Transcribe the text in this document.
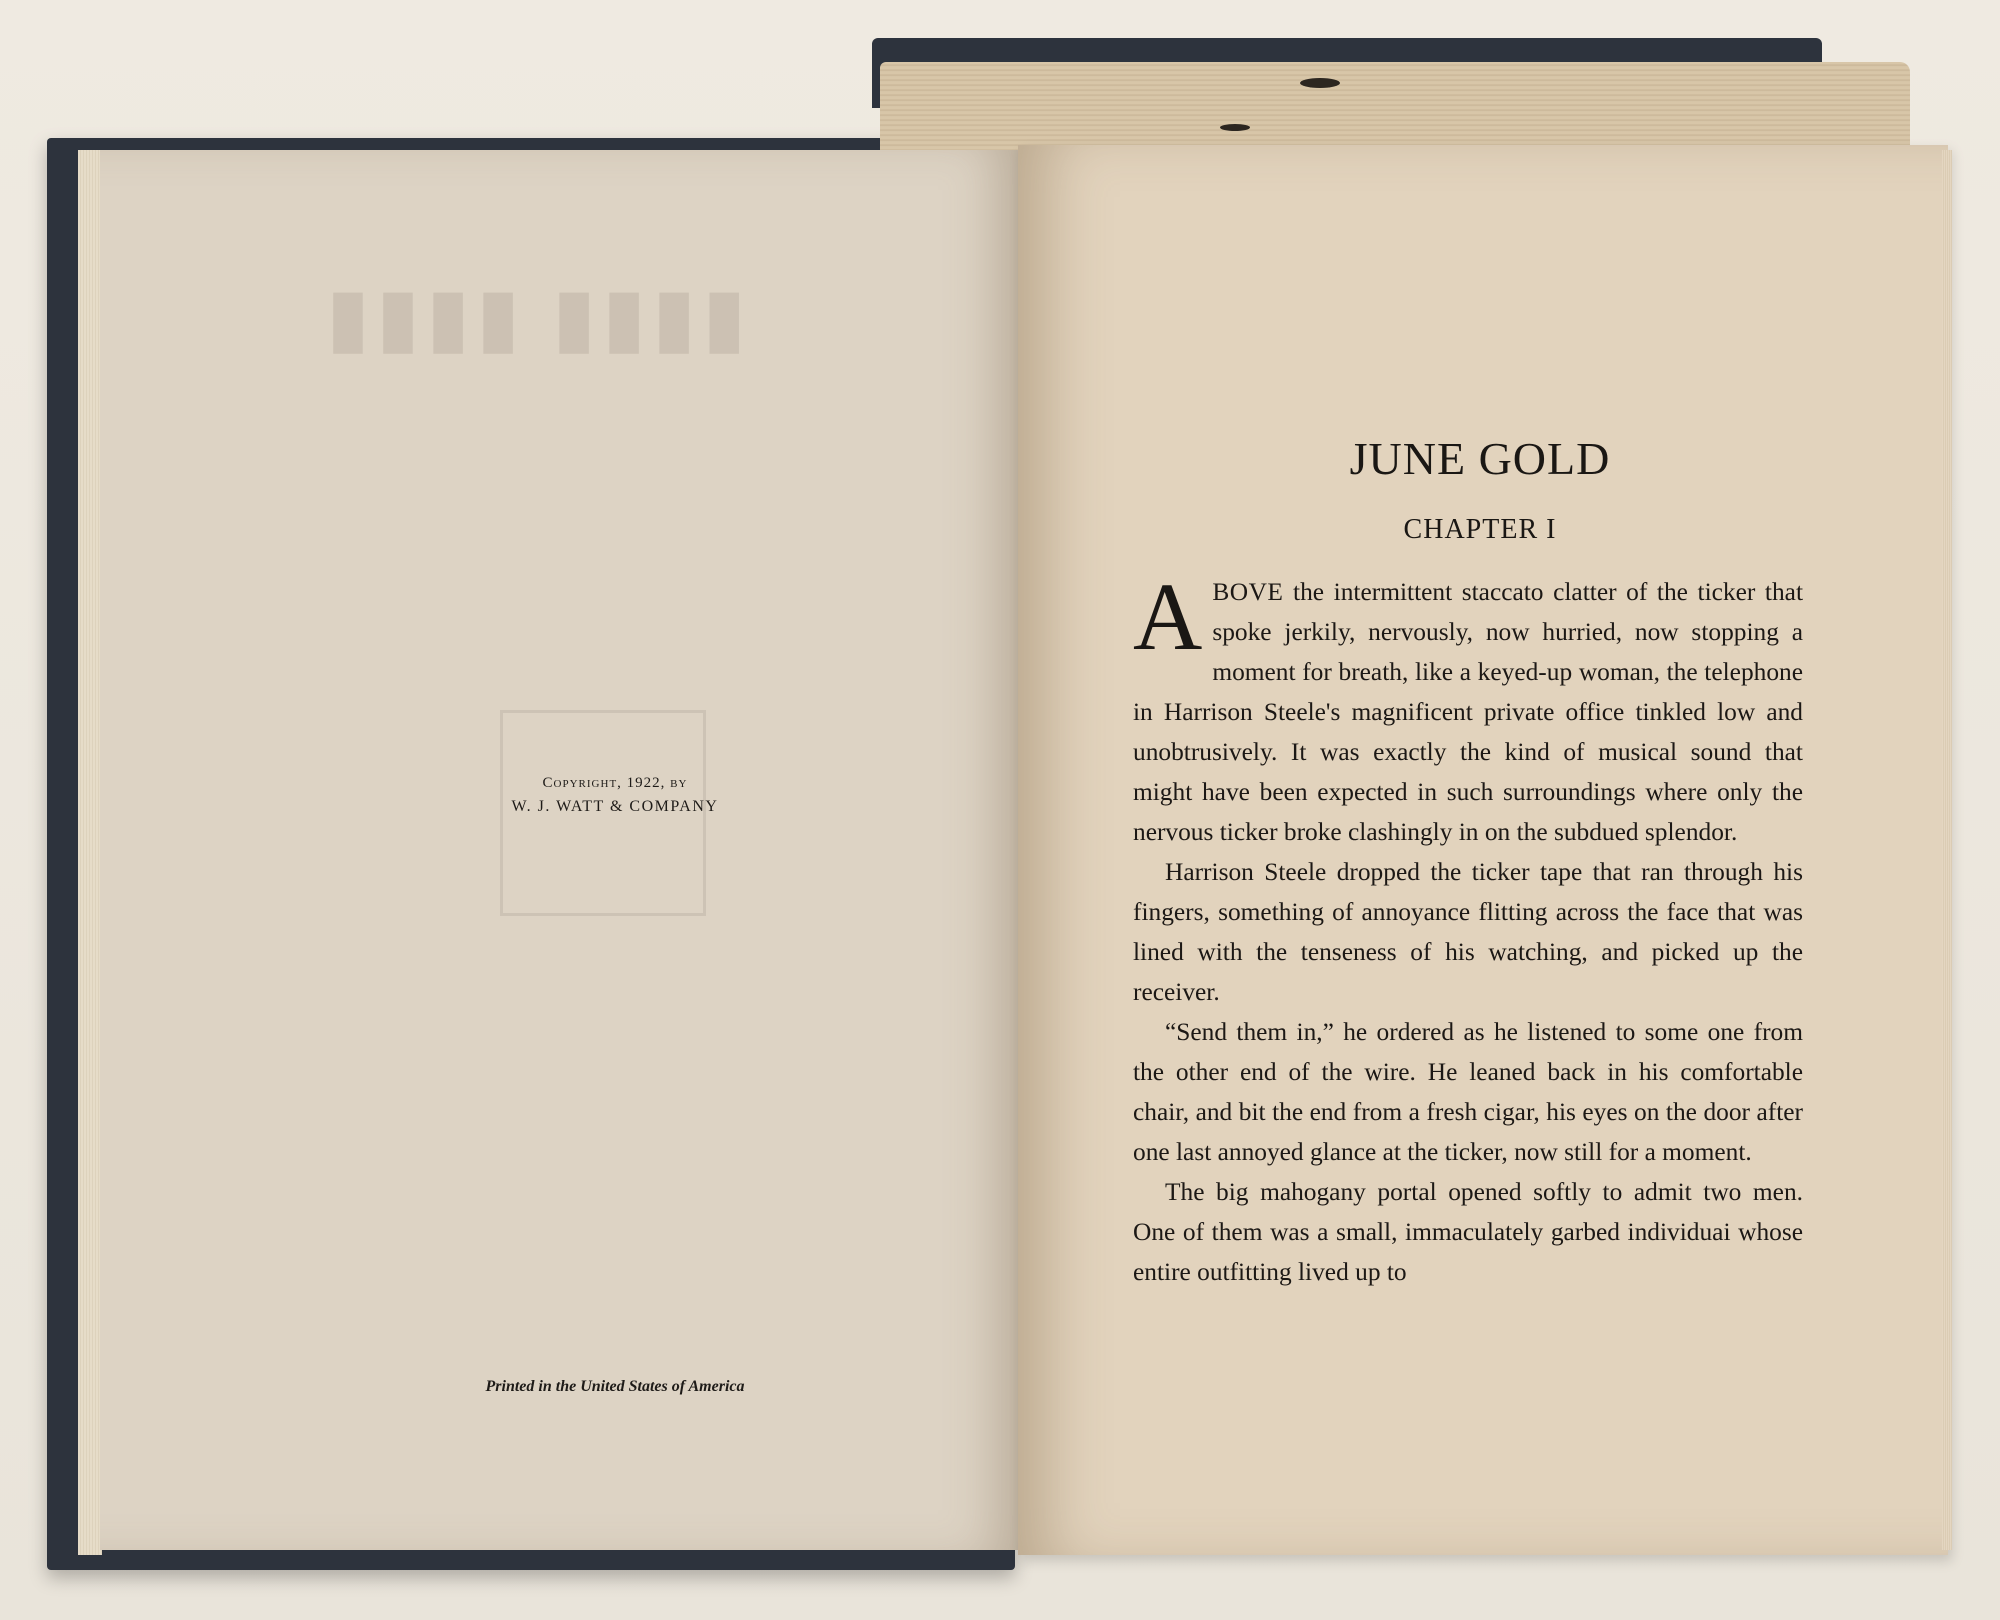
▮▮▮▮ ▮▮▮▮
Copyright, 1922, by
W. J. WATT & COMPANY
Printed in the United States of America
JUNE GOLD
CHAPTER I

ABOVE the intermittent staccato clatter of the ticker that spoke jerkily, nervously, now hurried, now stopping a moment for breath, like a keyed-up woman, the telephone in Harrison Steele's magnificent private office tinkled low and unobtrusively. It was exactly the kind of musical sound that might have been expected in such surroundings where only the nervous ticker broke clashingly in on the subdued splendor.

Harrison Steele dropped the ticker tape that ran through his fingers, something of annoyance flitting across the face that was lined with the tenseness of his watching, and picked up the receiver.

“Send them in,” he ordered as he listened to some one from the other end of the wire. He leaned back in his comfortable chair, and bit the end from a fresh cigar, his eyes on the door after one last annoyed glance at the ticker, now still for a moment.

The big mahogany portal opened softly to admit two men. One of them was a small, immaculately garbed individuai whose entire outfitting lived up to
